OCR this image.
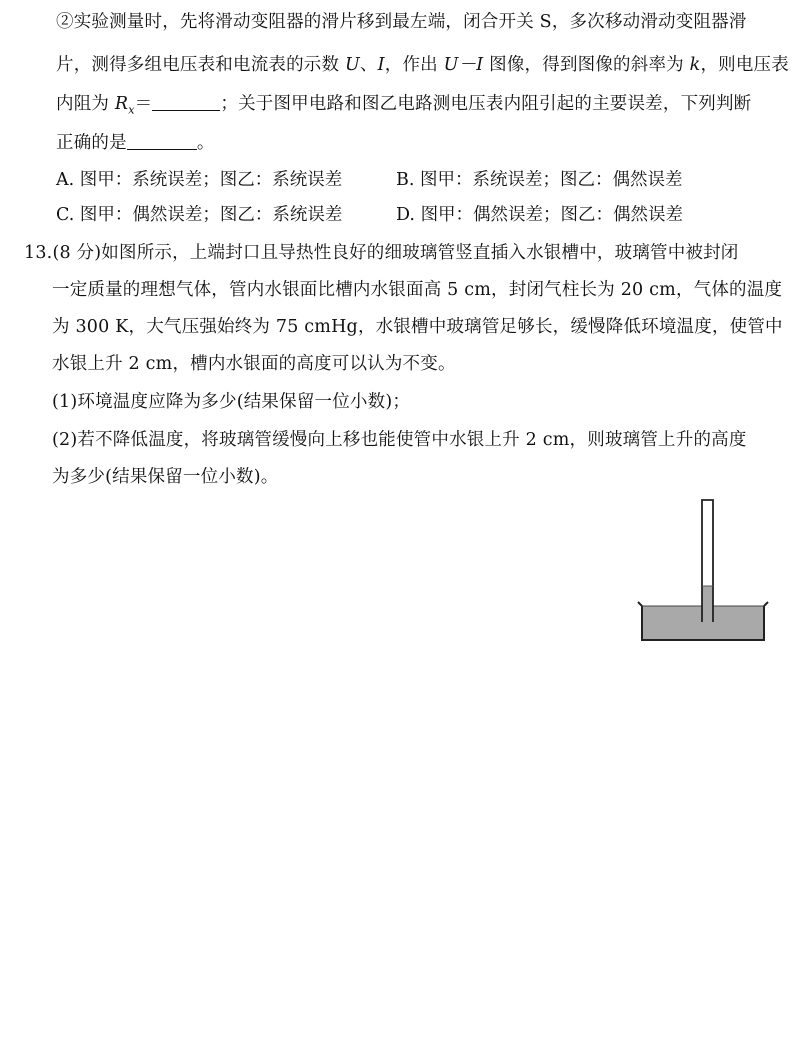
②实验测量时，先将滑动变阻器的滑片移到最左端，闭合开关 S，多次移动滑动变阻器滑
片，测得多组电压表和电流表的示数 U、I，作出 U－I 图像，得到图像的斜率为 k，则电压表
内阻为 $R_x=$	；关于图甲电路和图乙电路测电压表内阻引起的主要误差，下列判断
正确的是	。
A. 图甲：系统误差；图乙：系统误差	B. 图甲：系统误差；图乙：偶然误差
C. 图甲：偶然误差；图乙：系统误差	D. 图甲：偶然误差；图乙：偶然误差
13.(8 分)如图所示，上端封口且导热性良好的细玻璃管竖直插入水银槽中，玻璃管中被封闭
一定质量的理想气体，管内水银面比槽内水银面高 5 cm，封闭气柱长为 20 cm，气体的温度
为 300 K，大气压强始终为 75 cmHg，水银槽中玻璃管足够长，缓慢降低环境温度，使管中
水银上升 2 cm，槽内水银面的高度可以认为不变。
(1)环境温度应降为多少(结果保留一位小数)；
(2)若不降低温度，将玻璃管缓慢向上移也能使管中水银上升 2 cm，则玻璃管上升的高度
为多少(结果保留一位小数)。
